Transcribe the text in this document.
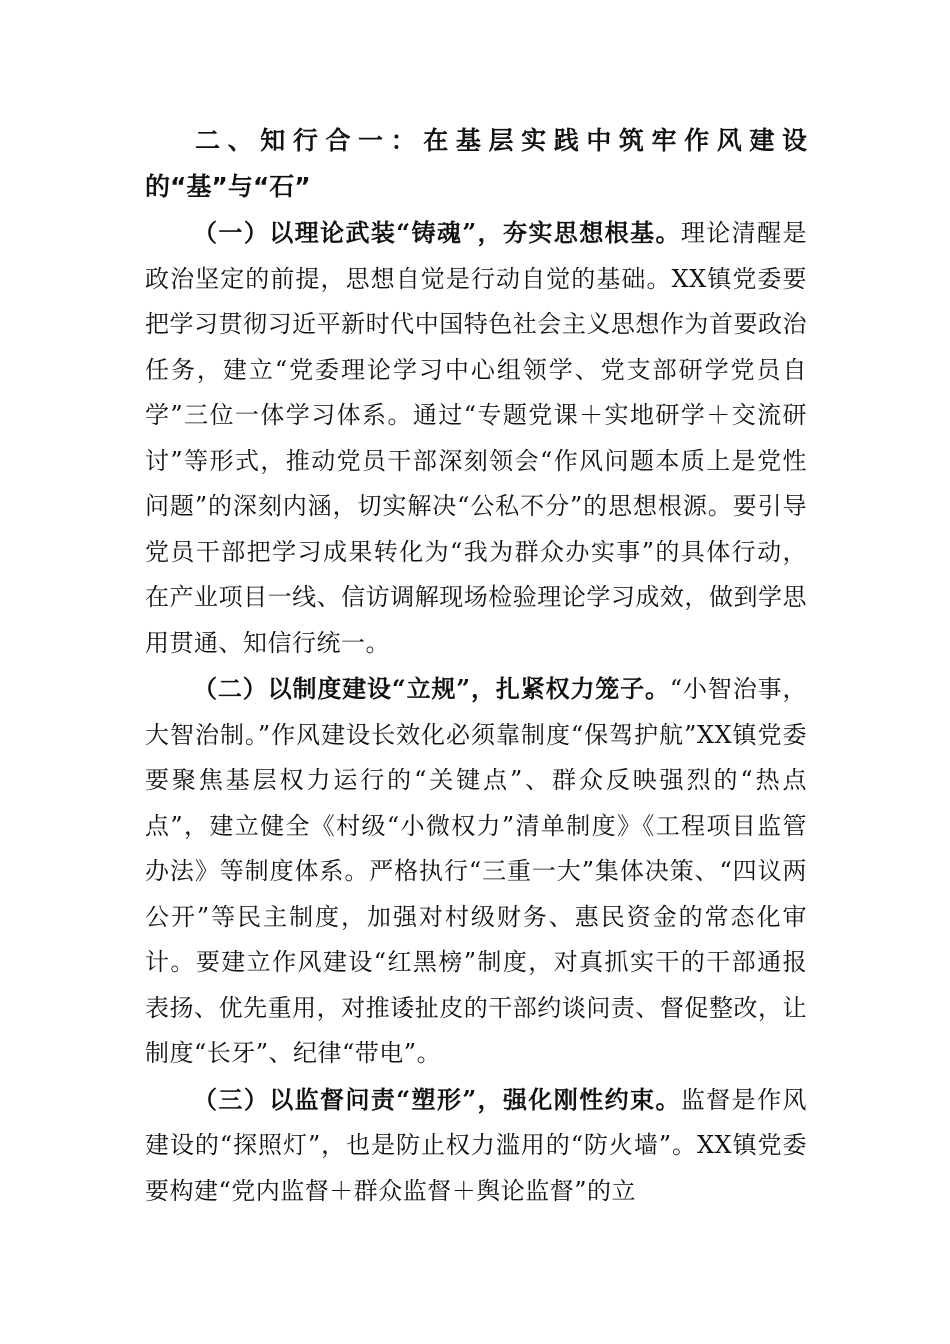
二、知行合一：在基层实践中筑牢作风建设的“基”与“石”

（一）以理论武装“铸魂”，夯实思想根基。理论清醒是政治坚定的前提，思想自觉是行动自觉的基础。XX镇党委要把学习贯彻习近平新时代中国特色社会主义思想作为首要政治任务，建立“党委理论学习中心组领学、党支部研学党员自学”三位一体学习体系。通过“专题党课＋实地研学＋交流研讨”等形式，推动党员干部深刻领会“作风问题本质上是党性问题”的深刻内涵，切实解决“公私不分”的思想根源。要引导党员干部把学习成果转化为“我为群众办实事”的具体行动，在产业项目一线、信访调解现场检验理论学习成效，做到学思用贯通、知信行统一。

（二）以制度建设“立规”，扎紧权力笼子。“小智治事，大智治制。”作风建设长效化必须靠制度“保驾护航”XX镇党委要聚焦基层权力运行的“关键点”、群众反映强烈的“热点点”，建立健全《村级“小微权力”清单制度》《工程项目监管办法》等制度体系。严格执行“三重一大”集体决策、“四议两公开”等民主制度，加强对村级财务、惠民资金的常态化审计。要建立作风建设“红黑榜”制度，对真抓实干的干部通报表扬、优先重用，对推诿扯皮的干部约谈问责、督促整改，让制度“长牙”、纪律“带电”。

（三）以监督问责“塑形”，强化刚性约束。监督是作风建设的“探照灯”，也是防止权力滥用的“防火墙”。XX镇党委要构建“党内监督＋群众监督＋舆论监督”的立
